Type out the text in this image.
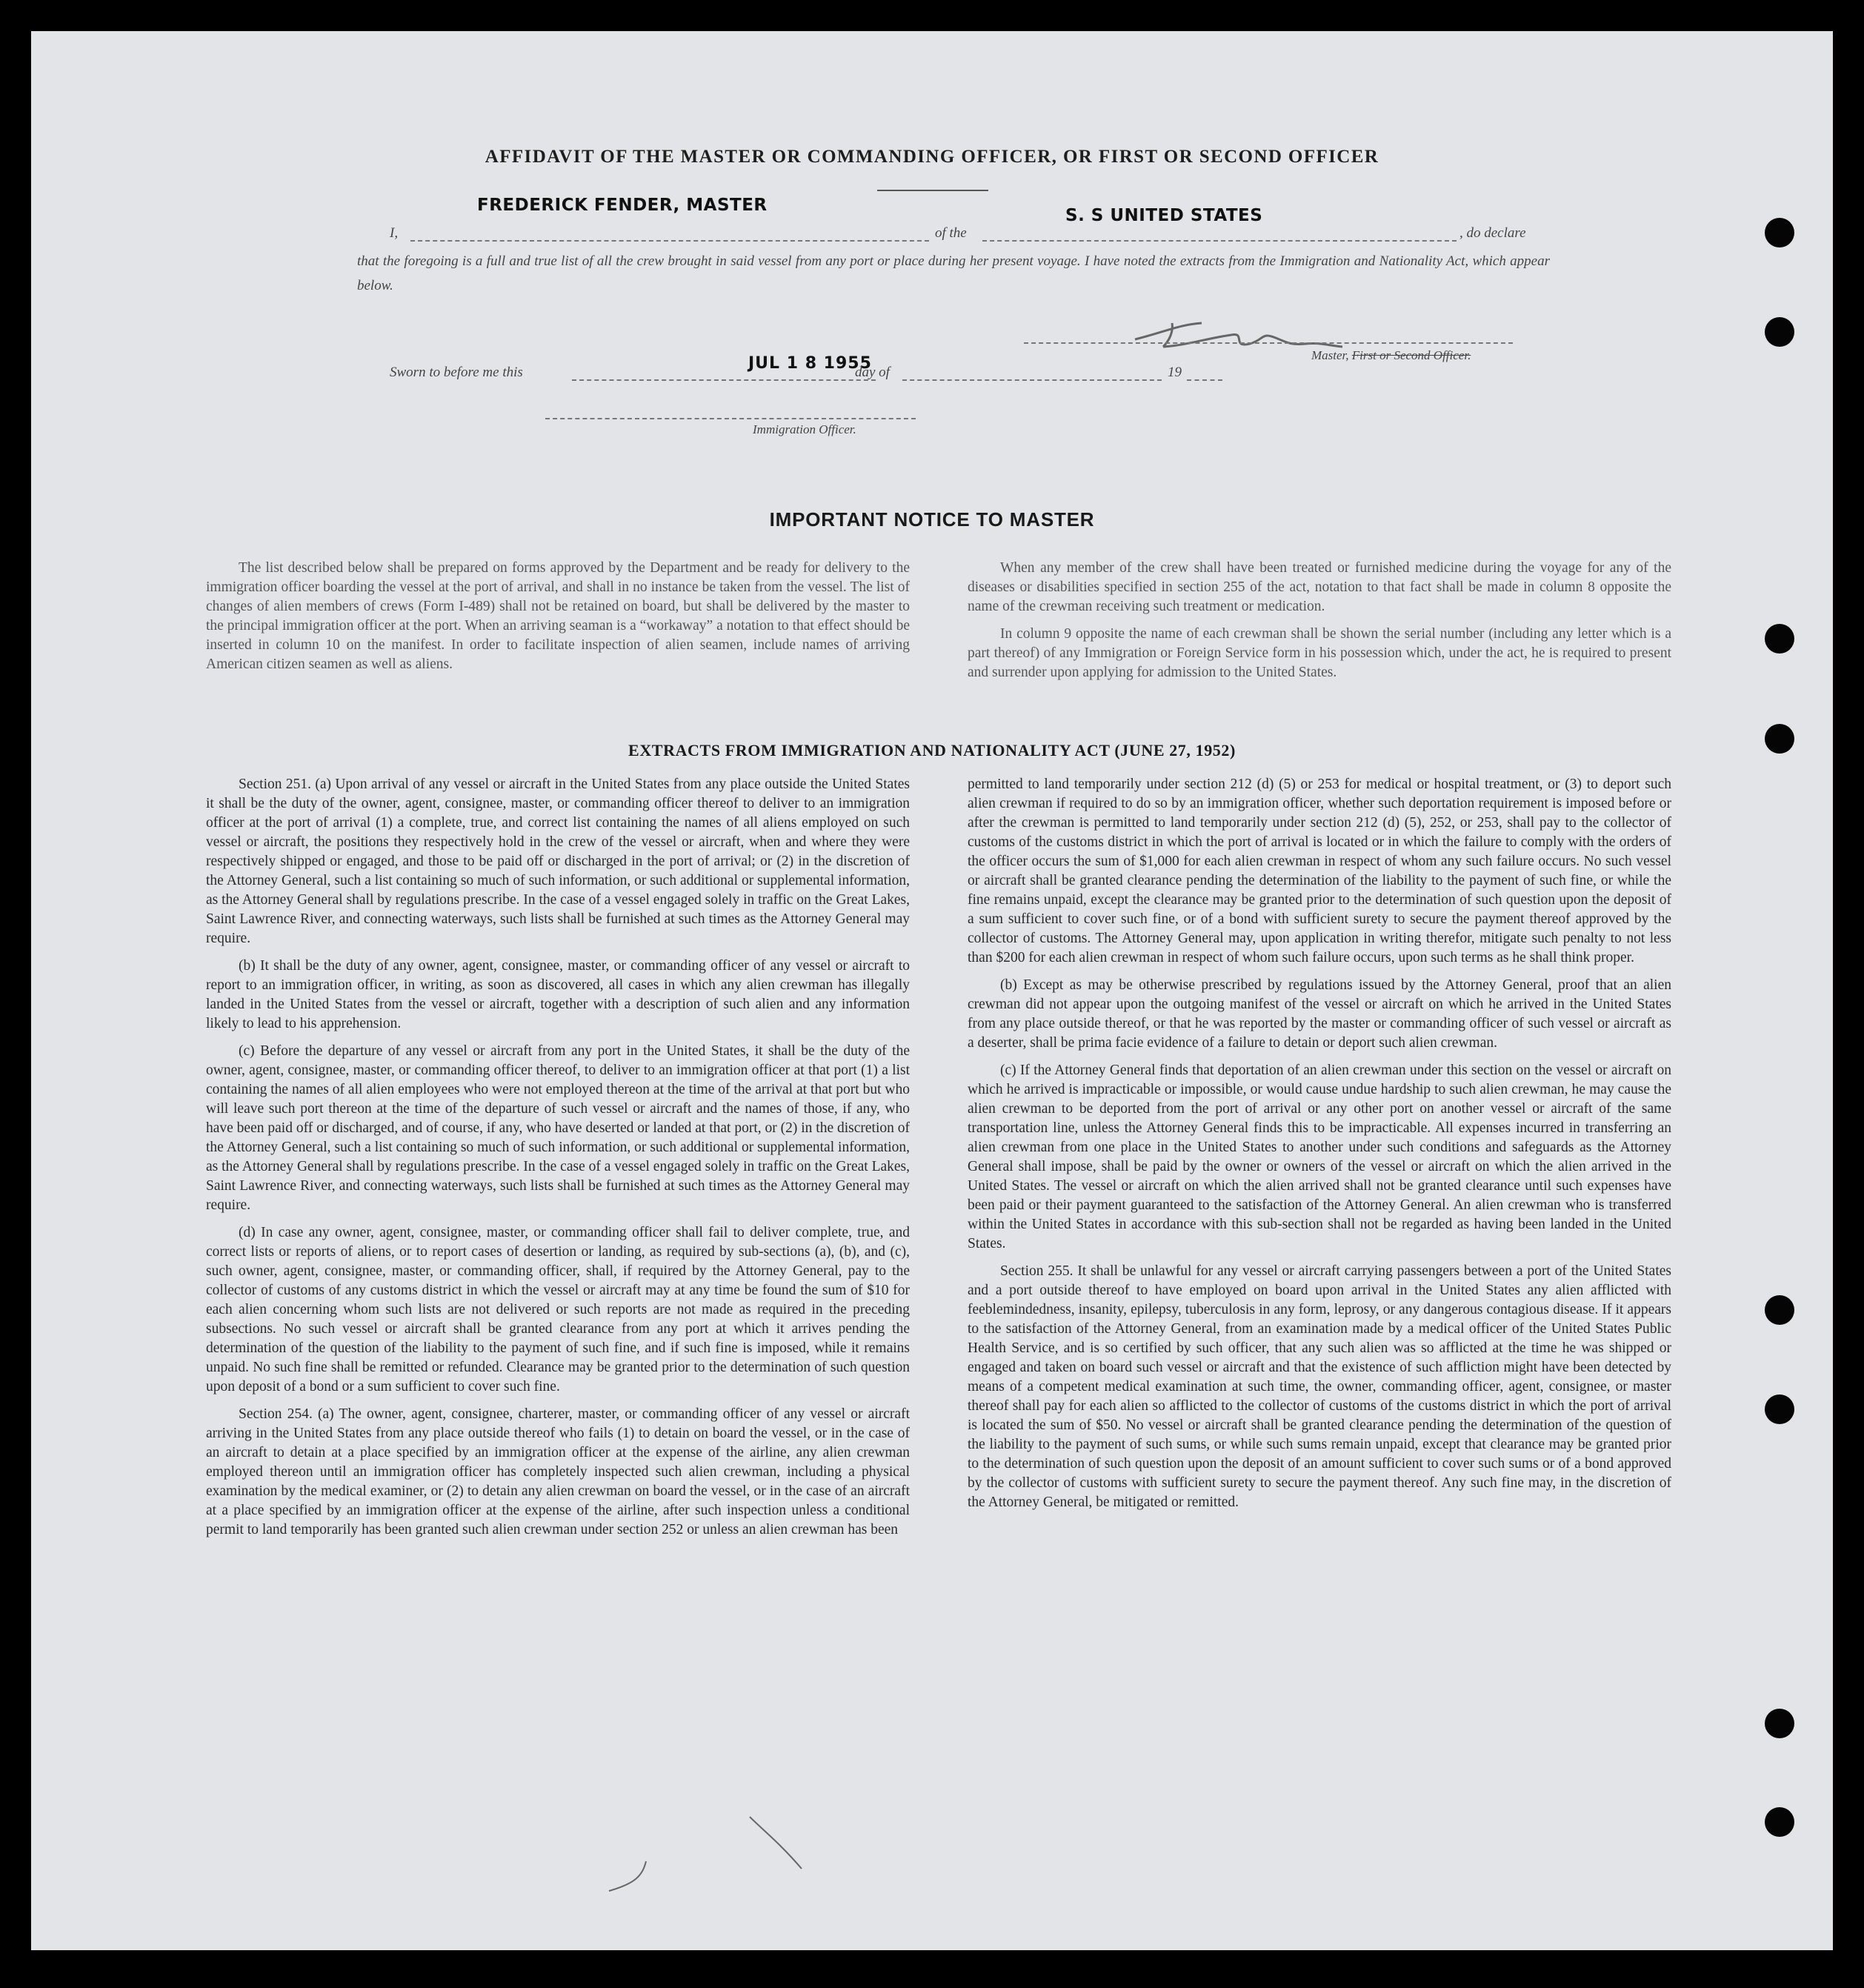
AFFIDAVIT OF THE MASTER OR COMMANDING OFFICER, OR FIRST OR SECOND OFFICER
FREDERICK FENDER, MASTER
S. S UNITED STATES
I,	of the	, do declare
that the foregoing is a full and true list of all the crew brought in said vessel from any port or place during her present voyage. I have noted the extracts from the Immigration and Nationality Act, which appear below.
Master, First or Second Officer.
Sworn to before me this	JUL 1 8 1955
day of	19
Immigration Officer.
IMPORTANT NOTICE TO MASTER

The list described below shall be prepared on forms approved by the Department and be ready for delivery to the immigration officer boarding the vessel at the port of arrival, and shall in no instance be taken from the vessel. The list of changes of alien members of crews (Form I-489) shall not be retained on board, but shall be delivered by the master to the principal immigration officer at the port. When an arriving seaman is a “workaway” a notation to that effect should be inserted in column 10 on the manifest. In order to facilitate inspection of alien seamen, include names of arriving American citizen seamen as well as aliens.

When any member of the crew shall have been treated or furnished medicine during the voyage for any of the diseases or disabilities specified in section 255 of the act, notation to that fact shall be made in column 8 opposite the name of the crewman receiving such treatment or medication.

In column 9 opposite the name of each crewman shall be shown the serial number (including any letter which is a part thereof) of any Immigration or Foreign Service form in his possession which, under the act, he is required to present and surrender upon applying for admission to the United States.

EXTRACTS FROM IMMIGRATION AND NATIONALITY ACT (JUNE 27, 1952)

Section 251. (a) Upon arrival of any vessel or aircraft in the United States from any place outside the United States it shall be the duty of the owner, agent, consignee, master, or commanding officer thereof to deliver to an immigration officer at the port of arrival (1) a complete, true, and correct list containing the names of all aliens employed on such vessel or aircraft, the positions they respectively hold in the crew of the vessel or aircraft, when and where they were respectively shipped or engaged, and those to be paid off or discharged in the port of arrival; or (2) in the discretion of the Attorney General, such a list containing so much of such information, or such additional or supplemental information, as the Attorney General shall by regulations prescribe. In the case of a vessel engaged solely in traffic on the Great Lakes, Saint Lawrence River, and connecting waterways, such lists shall be furnished at such times as the Attorney General may require.

(b) It shall be the duty of any owner, agent, consignee, master, or commanding officer of any vessel or aircraft to report to an immigration officer, in writing, as soon as discovered, all cases in which any alien crewman has illegally landed in the United States from the vessel or aircraft, together with a description of such alien and any information likely to lead to his apprehension.

(c) Before the departure of any vessel or aircraft from any port in the United States, it shall be the duty of the owner, agent, consignee, master, or commanding officer thereof, to deliver to an immigration officer at that port (1) a list containing the names of all alien employees who were not employed thereon at the time of the arrival at that port but who will leave such port thereon at the time of the departure of such vessel or aircraft and the names of those, if any, who have been paid off or discharged, and of course, if any, who have deserted or landed at that port, or (2) in the discretion of the Attorney General, such a list containing so much of such information, or such additional or supplemental information, as the Attorney General shall by regulations prescribe. In the case of a vessel engaged solely in traffic on the Great Lakes, Saint Lawrence River, and connecting waterways, such lists shall be furnished at such times as the Attorney General may require.

(d) In case any owner, agent, consignee, master, or commanding officer shall fail to deliver complete, true, and correct lists or reports of aliens, or to report cases of desertion or landing, as required by sub-sections (a), (b), and (c), such owner, agent, consignee, master, or commanding officer, shall, if required by the Attorney General, pay to the collector of customs of any customs district in which the vessel or aircraft may at any time be found the sum of $10 for each alien concerning whom such lists are not delivered or such reports are not made as required in the preceding subsections. No such vessel or aircraft shall be granted clearance from any port at which it arrives pending the determination of the question of the liability to the payment of such fine, and if such fine is imposed, while it remains unpaid. No such fine shall be remitted or refunded. Clearance may be granted prior to the determination of such question upon deposit of a bond or a sum sufficient to cover such fine.

Section 254. (a) The owner, agent, consignee, charterer, master, or commanding officer of any vessel or aircraft arriving in the United States from any place outside thereof who fails (1) to detain on board the vessel, or in the case of an aircraft to detain at a place specified by an immigration officer at the expense of the airline, any alien crewman employed thereon until an immigration officer has completely inspected such alien crewman, including a physical examination by the medical examiner, or (2) to detain any alien crewman on board the vessel, or in the case of an aircraft at a place specified by an immigration officer at the expense of the airline, after such inspection unless a conditional permit to land temporarily has been granted such alien crewman under section 252 or unless an alien crewman has been

permitted to land temporarily under section 212 (d) (5) or 253 for medical or hospital treatment, or (3) to deport such alien crewman if required to do so by an immigration officer, whether such deportation requirement is imposed before or after the crewman is permitted to land temporarily under section 212 (d) (5), 252, or 253, shall pay to the collector of customs of the customs district in which the port of arrival is located or in which the failure to comply with the orders of the officer occurs the sum of $1,000 for each alien crewman in respect of whom any such failure occurs. No such vessel or aircraft shall be granted clearance pending the determination of the liability to the payment of such fine, or while the fine remains unpaid, except the clearance may be granted prior to the determination of such question upon the deposit of a sum sufficient to cover such fine, or of a bond with sufficient surety to secure the payment thereof approved by the collector of customs. The Attorney General may, upon application in writing therefor, mitigate such penalty to not less than $200 for each alien crewman in respect of whom such failure occurs, upon such terms as he shall think proper.

(b) Except as may be otherwise prescribed by regulations issued by the Attorney General, proof that an alien crewman did not appear upon the outgoing manifest of the vessel or aircraft on which he arrived in the United States from any place outside thereof, or that he was reported by the master or commanding officer of such vessel or aircraft as a deserter, shall be prima facie evidence of a failure to detain or deport such alien crewman.

(c) If the Attorney General finds that deportation of an alien crewman under this section on the vessel or aircraft on which he arrived is impracticable or impossible, or would cause undue hardship to such alien crewman, he may cause the alien crewman to be deported from the port of arrival or any other port on another vessel or aircraft of the same transportation line, unless the Attorney General finds this to be impracticable. All expenses incurred in transferring an alien crewman from one place in the United States to another under such conditions and safeguards as the Attorney General shall impose, shall be paid by the owner or owners of the vessel or aircraft on which the alien arrived in the United States. The vessel or aircraft on which the alien arrived shall not be granted clearance until such expenses have been paid or their payment guaranteed to the satisfaction of the Attorney General. An alien crewman who is transferred within the United States in accordance with this sub-section shall not be regarded as having been landed in the United States.

Section 255. It shall be unlawful for any vessel or aircraft carrying passengers between a port of the United States and a port outside thereof to have employed on board upon arrival in the United States any alien afflicted with feeblemindedness, insanity, epilepsy, tuberculosis in any form, leprosy, or any dangerous contagious disease. If it appears to the satisfaction of the Attorney General, from an examination made by a medical officer of the United States Public Health Service, and is so certified by such officer, that any such alien was so afflicted at the time he was shipped or engaged and taken on board such vessel or aircraft and that the existence of such affliction might have been detected by means of a competent medical examination at such time, the owner, commanding officer, agent, consignee, or master thereof shall pay for each alien so afflicted to the collector of customs of the customs district in which the port of arrival is located the sum of $50. No vessel or aircraft shall be granted clearance pending the determination of the question of the liability to the payment of such sums, or while such sums remain unpaid, except that clearance may be granted prior to the determination of such question upon the deposit of an amount sufficient to cover such sums or of a bond approved by the collector of customs with sufficient surety to secure the payment thereof. Any such fine may, in the discretion of the Attorney General, be mitigated or remitted.
